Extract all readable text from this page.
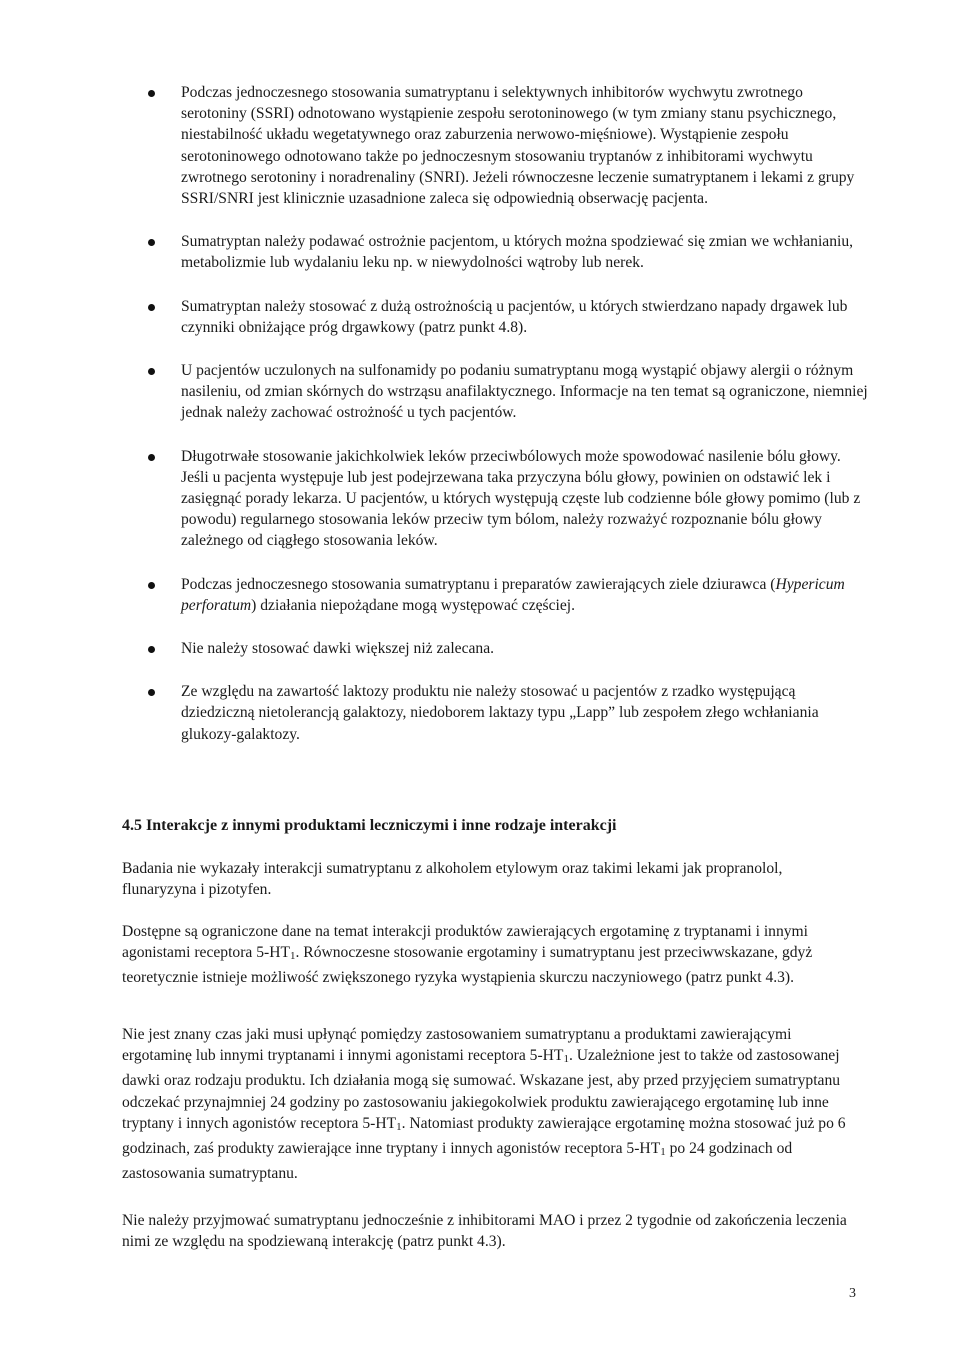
Podczas jednoczesnego stosowania sumatryptanu i selektywnych inhibitorów wychwytu zwrotnego serotoniny (SSRI) odnotowano wystąpienie zespołu serotoninowego (w tym zmiany stanu psychicznego, niestabilność układu wegetatywnego oraz zaburzenia nerwowo-mięśniowe). Wystąpienie zespołu serotoninowego odnotowano także po jednoczesnym stosowaniu tryptanów z inhibitorami wychwytu zwrotnego serotoniny i noradrenaliny (SNRI). Jeżeli równoczesne leczenie sumatryptanem i lekami z grupy SSRI/SNRI jest klinicznie uzasadnione zaleca się odpowiednią obserwację pacjenta.

Sumatryptan należy podawać ostrożnie pacjentom, u których można spodziewać się zmian we wchłanianiu, metabolizmie lub wydalaniu leku np. w niewydolności wątroby lub nerek.

Sumatryptan należy stosować z dużą ostrożnością u pacjentów, u których stwierdzano napady drgawek lub czynniki obniżające próg drgawkowy (patrz punkt 4.8).

U pacjentów uczulonych na sulfonamidy po podaniu sumatryptanu mogą wystąpić objawy alergii o różnym nasileniu, od zmian skórnych do wstrząsu anafilaktycznego. Informacje na ten temat są ograniczone, niemniej jednak należy zachować ostrożność u tych pacjentów.

Długotrwałe stosowanie jakichkolwiek leków przeciwbólowych może spowodować nasilenie bólu głowy. Jeśli u pacjenta występuje lub jest podejrzewana taka przyczyna bólu głowy, powinien on odstawić lek i zasięgnąć porady lekarza. U pacjentów, u których występują częste lub codzienne bóle głowy pomimo (lub z powodu) regularnego stosowania leków przeciw tym bólom, należy rozważyć rozpoznanie bólu głowy zależnego od ciągłego stosowania leków.

Podczas jednoczesnego stosowania sumatryptanu i preparatów zawierających ziele dziurawca (Hypericum perforatum) działania niepożądane mogą występować częściej.

Nie należy stosować dawki większej niż zalecana.

Ze względu na zawartość laktozy produktu nie należy stosować u pacjentów z rzadko występującą dziedziczną nietolerancją galaktozy, niedoborem laktazy typu „Lapp” lub zespołem złego wchłaniania glukozy-galaktozy.

4.5 Interakcje z innymi produktami leczniczymi i inne rodzaje interakcji

Badania nie wykazały interakcji sumatryptanu z alkoholem etylowym oraz takimi lekami jak propranolol, flunaryzyna i pizotyfen.

Dostępne są ograniczone dane na temat interakcji produktów zawierających ergotaminę z tryptanami i innymi agonistami receptora 5-HT1. Równoczesne stosowanie ergotaminy i sumatryptanu jest przeciwwskazane, gdyż teoretycznie istnieje możliwość zwiększonego ryzyka wystąpienia skurczu naczyniowego (patrz punkt 4.3).

Nie jest znany czas jaki musi upłynąć pomiędzy zastosowaniem sumatryptanu a produktami zawierającymi ergotaminę lub innymi tryptanami i innymi agonistami receptora 5-HT1. Uzależnione jest to także od zastosowanej dawki oraz rodzaju produktu. Ich działania mogą się sumować. Wskazane jest, aby przed przyjęciem sumatryptanu odczekać przynajmniej 24 godziny po zastosowaniu jakiegokolwiek produktu zawierającego ergotaminę lub inne tryptany i innych agonistów receptora 5-HT1. Natomiast produkty zawierające ergotaminę można stosować już po 6 godzinach, zaś produkty zawierające inne tryptany i innych agonistów receptora 5-HT1 po 24 godzinach od zastosowania sumatryptanu.

Nie należy przyjmować sumatryptanu jednocześnie z inhibitorami MAO i przez 2 tygodnie od zakończenia leczenia nimi ze względu na spodziewaną interakcję (patrz punkt 4.3).

3
